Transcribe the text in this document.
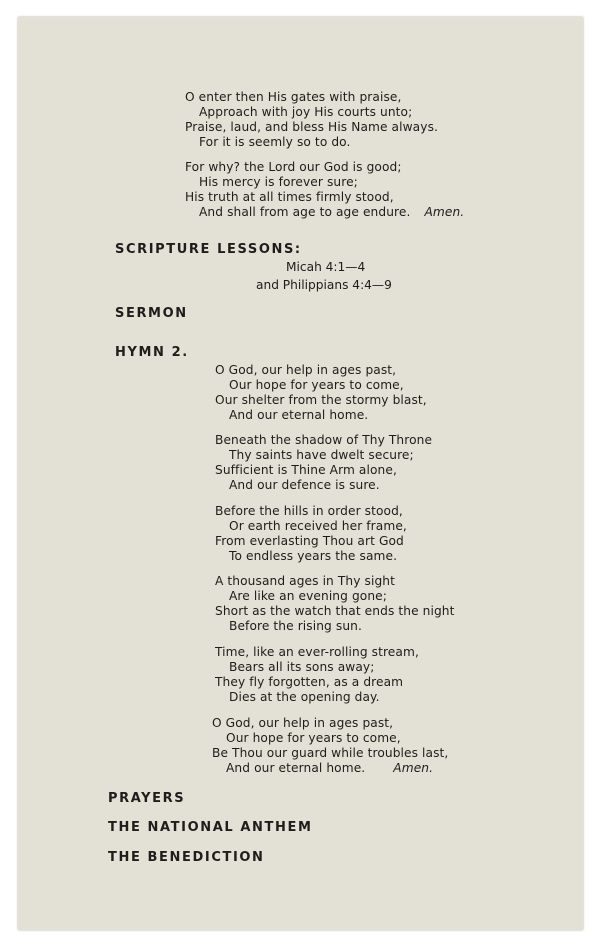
O enter then His gates with praise,
Approach with joy His courts unto;
Praise, laud, and bless His Name always.
For it is seemly so to do.
For why? the Lord our God is good;
His mercy is forever sure;
His truth at all times firmly stood,
And shall from age to age endure. Amen.
SCRIPTURE LESSONS:
Micah 4:1—4
and Philippians 4:4—9
SERMON
HYMN 2.
O God, our help in ages past,
Our hope for years to come,
Our shelter from the stormy blast,
And our eternal home.
Beneath the shadow of Thy Throne
Thy saints have dwelt secure;
Sufficient is Thine Arm alone,
And our defence is sure.
Before the hills in order stood,
Or earth received her frame,
From everlasting Thou art God
To endless years the same.
A thousand ages in Thy sight
Are like an evening gone;
Short as the watch that ends the night
Before the rising sun.
Time, like an ever-rolling stream,
Bears all its sons away;
They fly forgotten, as a dream
Dies at the opening day.
O God, our help in ages past,
Our hope for years to come,
Be Thou our guard while troubles last,
And our eternal home. Amen.
PRAYERS
THE NATIONAL ANTHEM
THE BENEDICTION
